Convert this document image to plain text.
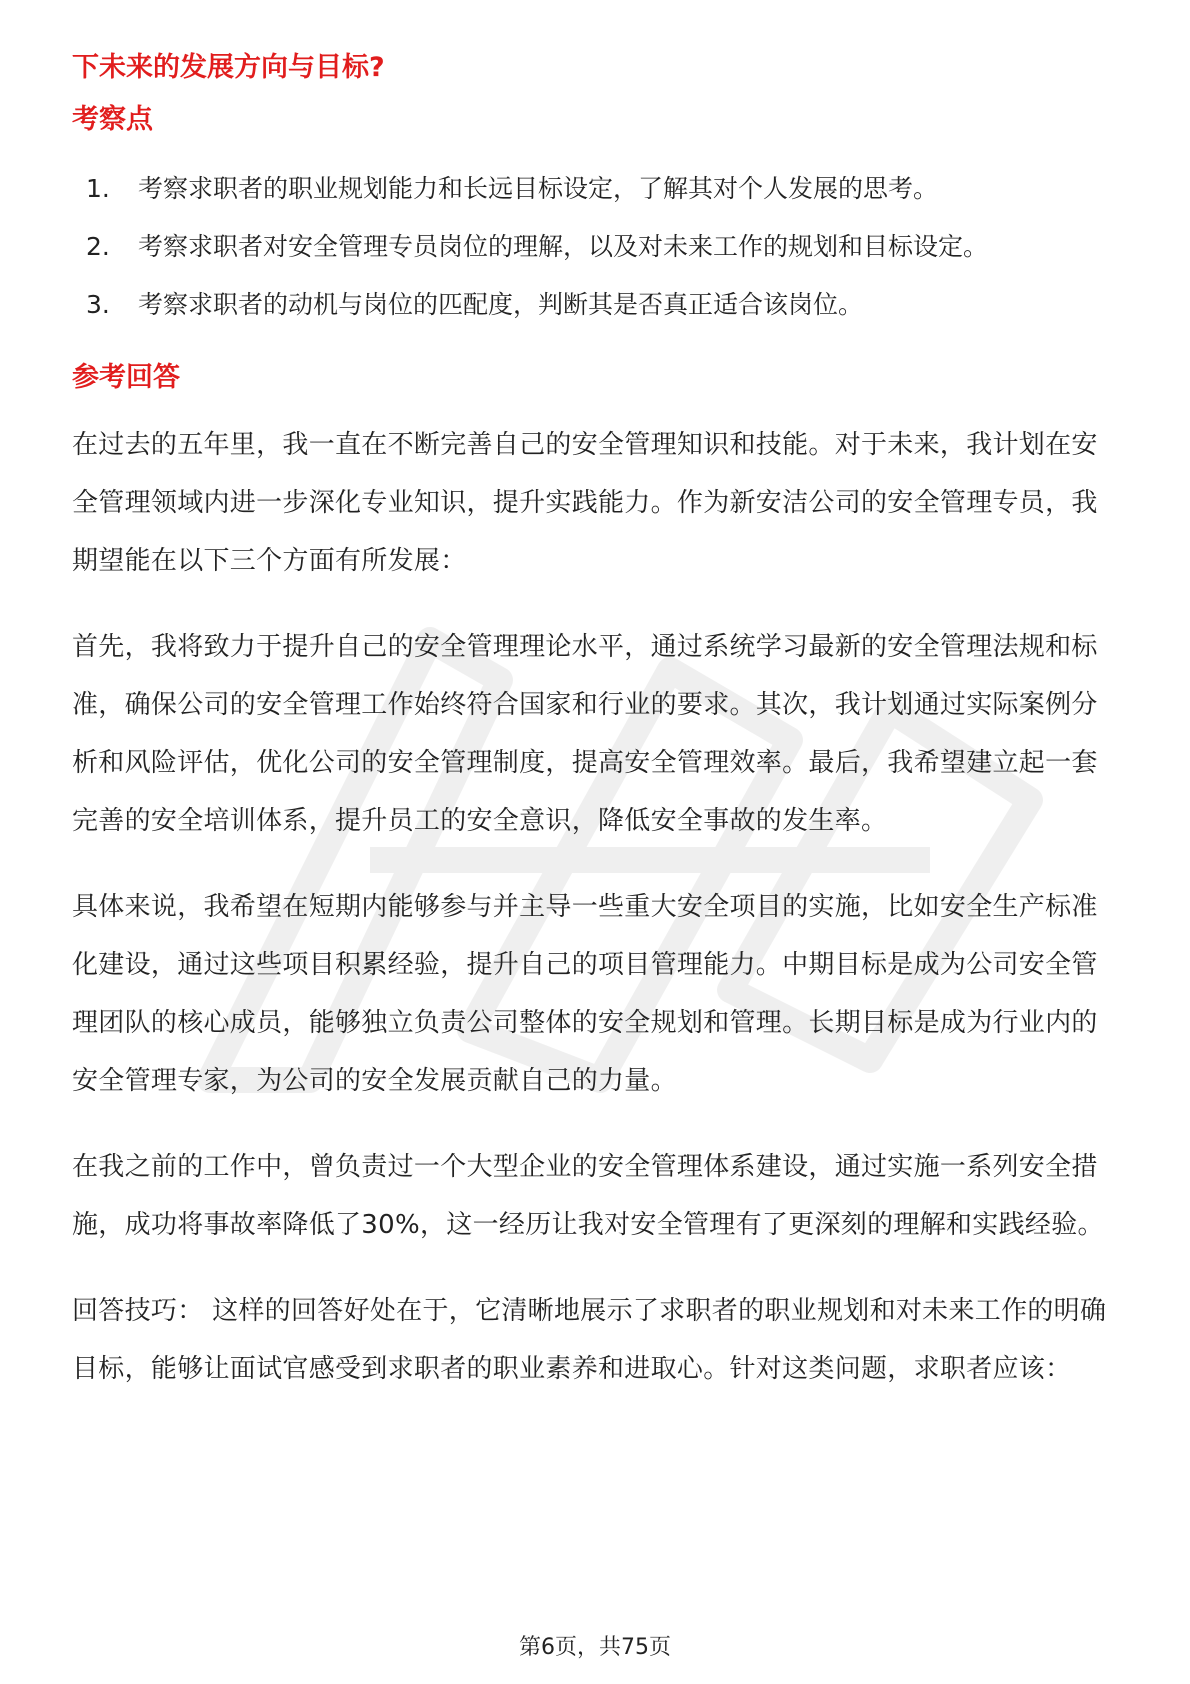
下未来的发展方向与目标?
考察点
1.	考察求职者的职业规划能力和长远目标设定，了解其对个人发展的思考。
2.	考察求职者对安全管理专员岗位的理解，以及对未来工作的规划和目标设定。
3.	考察求职者的动机与岗位的匹配度，判断其是否真正适合该岗位。
参考回答

在过去的五年里，我一直在不断完善自己的安全管理知识和技能。对于未来，我计划在安全管理领域内进一步深化专业知识，提升实践能力。作为新安洁公司的安全管理专员，我期望能在以下三个方面有所发展：

首先，我将致力于提升自己的安全管理理论水平，通过系统学习最新的安全管理法规和标准，确保公司的安全管理工作始终符合国家和行业的要求。其次，我计划通过实际案例分析和风险评估，优化公司的安全管理制度，提高安全管理效率。最后，我希望建立起一套完善的安全培训体系，提升员工的安全意识，降低安全事故的发生率。

具体来说，我希望在短期内能够参与并主导一些重大安全项目的实施，比如安全生产标准化建设，通过这些项目积累经验，提升自己的项目管理能力。中期目标是成为公司安全管理团队的核心成员，能够独立负责公司整体的安全规划和管理。长期目标是成为行业内的安全管理专家，为公司的安全发展贡献自己的力量。

在我之前的工作中，曾负责过一个大型企业的安全管理体系建设，通过实施一系列安全措施，成功将事故率降低了30%，这一经历让我对安全管理有了更深刻的理解和实践经验。

回答技巧： 这样的回答好处在于，它清晰地展示了求职者的职业规划和对未来工作的明确目标，能够让面试官感受到求职者的职业素养和进取心。针对这类问题，求职者应该：

第6页，共75页
